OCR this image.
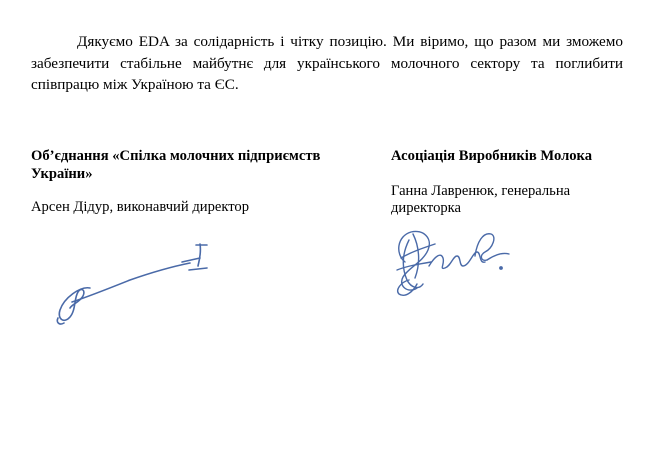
Дякуємо EDA за солідарність і чітку позицію. Ми віримо, що разом ми зможемо забезпечити стабільне майбутнє для українського молочного сектору та поглибити співпрацю між Україною та ЄС.

Об’єднання «Спілка молочних підприємств України»

Арсен Дідур, виконавчий директор

Асоціація Виробників Молока

Ганна Лавренюк, генеральна директорка
